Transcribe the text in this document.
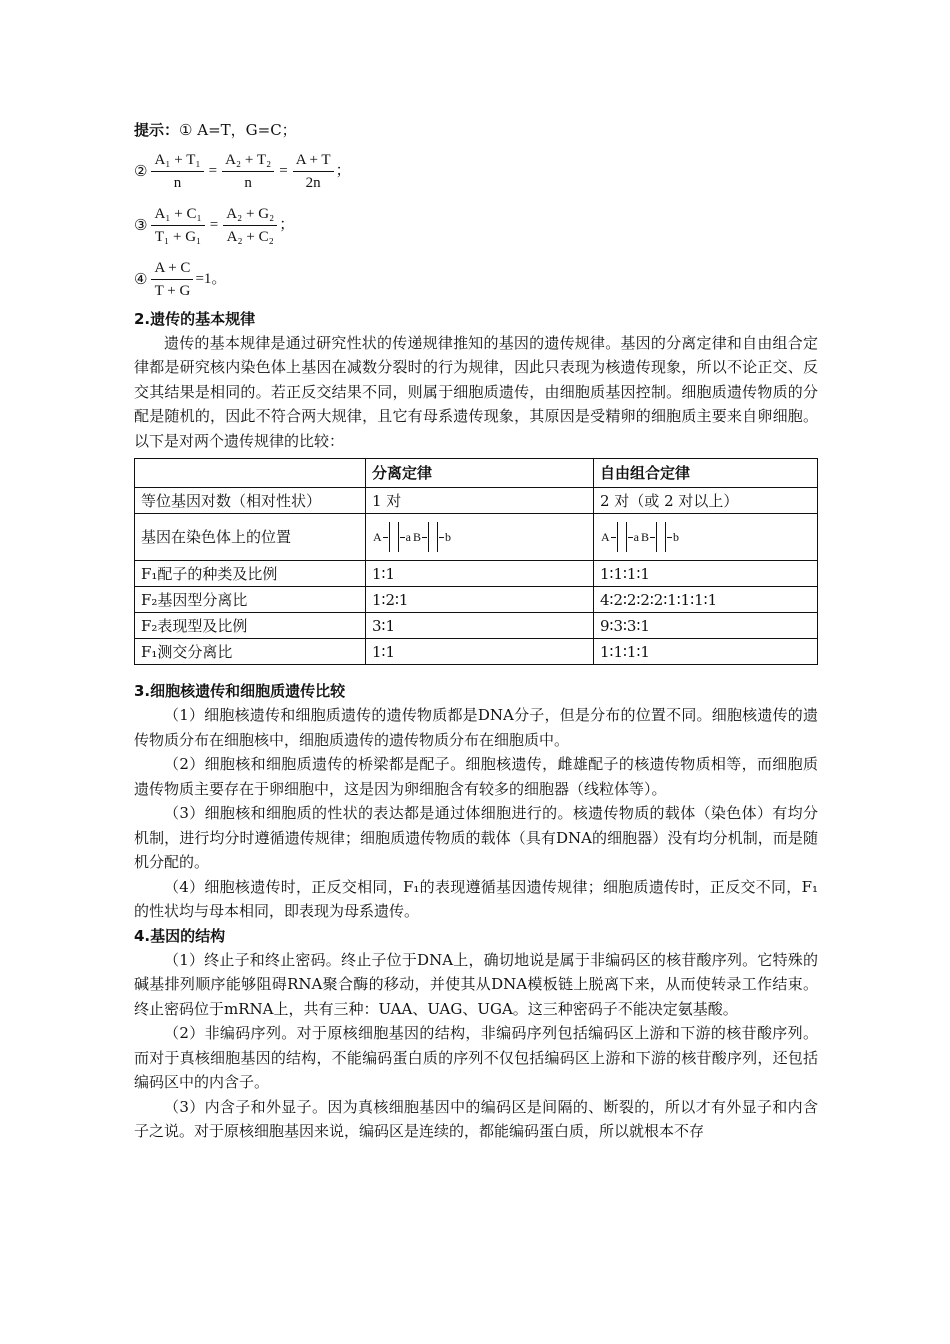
提示：① A=T，G=C；

② $\frac{\text{A₁ + T₁}}{n} = \frac{\text{A₂ + T₂}}{n} = \frac{A + T}{2n}$ ；
③ $\frac{\text{A₁ + C₁}}{\text{T₁ + G₁}} = \frac{\text{A₂ + G₂}}{\text{A₂ + C₂}}$ ；
④ $\frac{A + C}{T + G} =1$。

2.遗传的基本规律

遗传的基本规律是通过研究性状的传递规律推知的基因的遗传规律。基因的分离定律和自由组合定律都是研究核内染色体上基因在减数分裂时的行为规律，因此只表现为核遗传现象，所以不论正交、反交其结果是相同的。若正反交结果不同，则属于细胞质遗传，由细胞质基因控制。细胞质遗传物质的分配是随机的，因此不符合两大规律，且它有母系遗传现象，其原因是受精卵的细胞质主要来自卵细胞。以下是对两个遗传规律的比较：

	分离定律	自由组合定律
等位基因对数（相对性状）	1 对	2 对（或 2 对以上）
基因在染色体上的位置	A a B b	A a B b

F₁配子的种类及比例	1∶1	1∶1∶1∶1
F₂基因型分离比	1∶2∶1	4∶2∶2∶2∶2∶1∶1∶1∶1
F₂表现型及比例	3∶1	9∶3∶3∶1
F₁测交分离比	1∶1	1∶1∶1∶1

3.细胞核遗传和细胞质遗传比较

（1）细胞核遗传和细胞质遗传的遗传物质都是DNA分子，但是分布的位置不同。细胞核遗传的遗传物质分布在细胞核中，细胞质遗传的遗传物质分布在细胞质中。

（2）细胞核和细胞质遗传的桥梁都是配子。细胞核遗传，雌雄配子的核遗传物质相等，而细胞质遗传物质主要存在于卵细胞中，这是因为卵细胞含有较多的细胞器（线粒体等）。

（3）细胞核和细胞质的性状的表达都是通过体细胞进行的。核遗传物质的载体（染色体）有均分机制，进行均分时遵循遗传规律；细胞质遗传物质的载体（具有DNA的细胞器）没有均分机制，而是随机分配的。

（4）细胞核遗传时，正反交相同，F₁的表现遵循基因遗传规律；细胞质遗传时，正反交不同，F₁的性状均与母本相同，即表现为母系遗传。

4.基因的结构

（1）终止子和终止密码。终止子位于DNA上，确切地说是属于非编码区的核苷酸序列。它特殊的碱基排列顺序能够阻碍RNA聚合酶的移动，并使其从DNA模板链上脱离下来，从而使转录工作结束。终止密码位于mRNA上，共有三种：UAA、UAG、UGA。这三种密码子不能决定氨基酸。

（2）非编码序列。对于原核细胞基因的结构，非编码序列包括编码区上游和下游的核苷酸序列。而对于真核细胞基因的结构，不能编码蛋白质的序列不仅包括编码区上游和下游的核苷酸序列，还包括编码区中的内含子。

（3）内含子和外显子。因为真核细胞基因中的编码区是间隔的、断裂的，所以才有外显子和内含子之说。对于原核细胞基因来说，编码区是连续的，都能编码蛋白质，所以就根本不存
